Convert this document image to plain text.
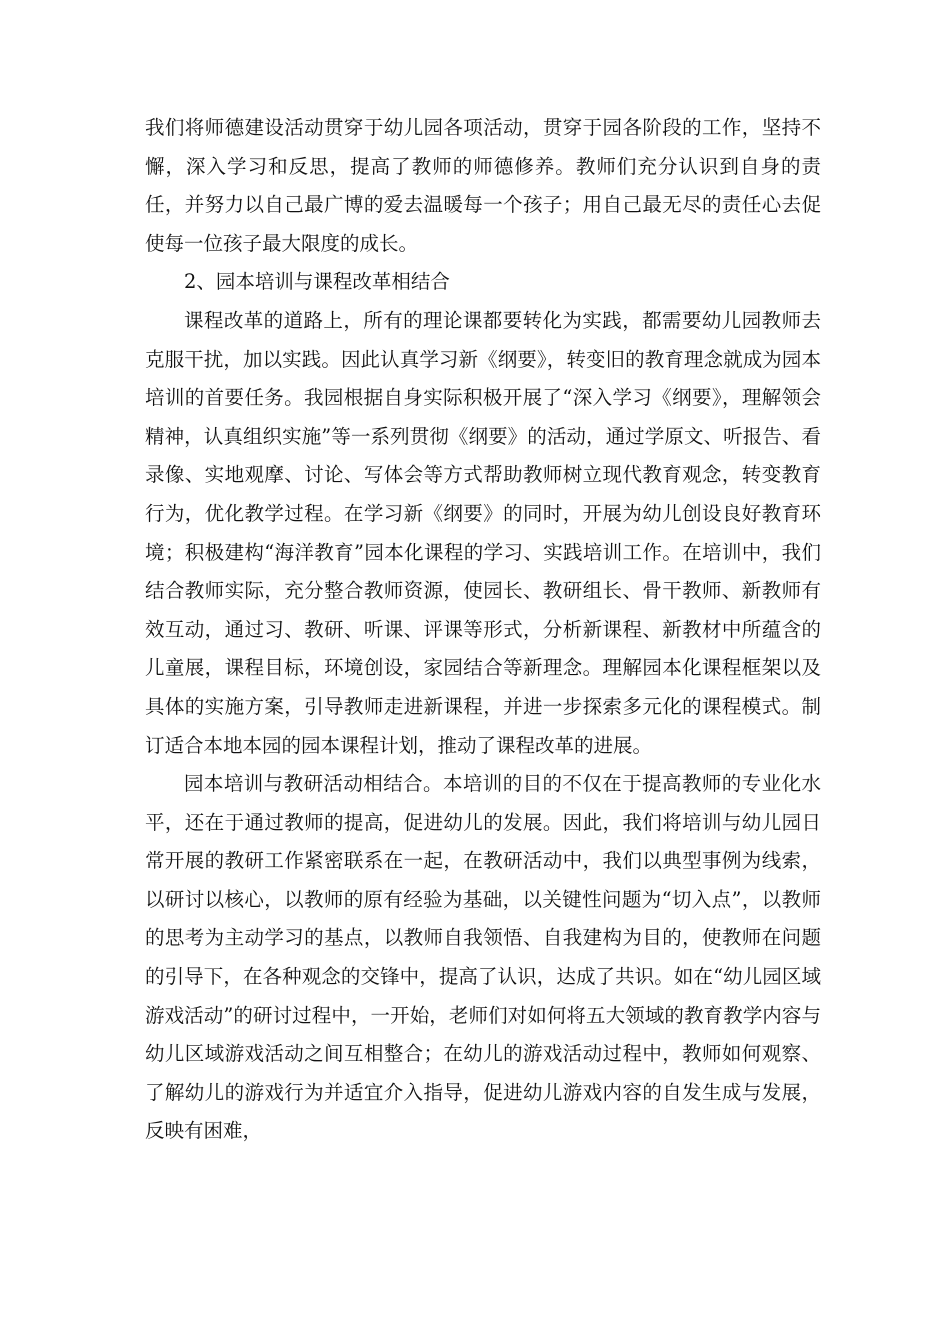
我们将师德建设活动贯穿于幼儿园各项活动，贯穿于园各阶段的工作，坚持不懈，深入学习和反思，提高了教师的师德修养。教师们充分认识到自身的责任，并努力以自己最广博的爱去温暖每一个孩子；用自己最无尽的责任心去促使每一位孩子最大限度的成长。

2、园本培训与课程改革相结合

课程改革的道路上，所有的理论课都要转化为实践，都需要幼儿园教师去克服干扰，加以实践。因此认真学习新《纲要》，转变旧的教育理念就成为园本培训的首要任务。我园根据自身实际积极开展了“深入学习《纲要》，理解领会精神，认真组织实施”等一系列贯彻《纲要》的活动，通过学原文、听报告、看录像、实地观摩、讨论、写体会等方式帮助教师树立现代教育观念，转变教育行为，优化教学过程。在学习新《纲要》的同时，开展为幼儿创设良好教育环境；积极建构“海洋教育”园本化课程的学习、实践培训工作。在培训中，我们结合教师实际，充分整合教师资源，使园长、教研组长、骨干教师、新教师有效互动，通过习、教研、听课、评课等形式，分析新课程、新教材中所蕴含的儿童展，课程目标，环境创设，家园结合等新理念。理解园本化课程框架以及具体的实施方案，引导教师走进新课程，并进一步探索多元化的课程模式。制订适合本地本园的园本课程计划，推动了课程改革的进展。

园本培训与教研活动相结合。本培训的目的不仅在于提高教师的专业化水平，还在于通过教师的提高，促进幼儿的发展。因此，我们将培训与幼儿园日常开展的教研工作紧密联系在一起，在教研活动中，我们以典型事例为线索，以研讨以核心，以教师的原有经验为基础，以关键性问题为“切入点”，以教师的思考为主动学习的基点，以教师自我领悟、自我建构为目的，使教师在问题的引导下，在各种观念的交锋中，提高了认识，达成了共识。如在“幼儿园区域游戏活动”的研讨过程中，一开始，老师们对如何将五大领域的教育教学内容与幼儿区域游戏活动之间互相整合；在幼儿的游戏活动过程中，教师如何观察、了解幼儿的游戏行为并适宜介入指导，促进幼儿游戏内容的自发生成与发展，反映有困难，
